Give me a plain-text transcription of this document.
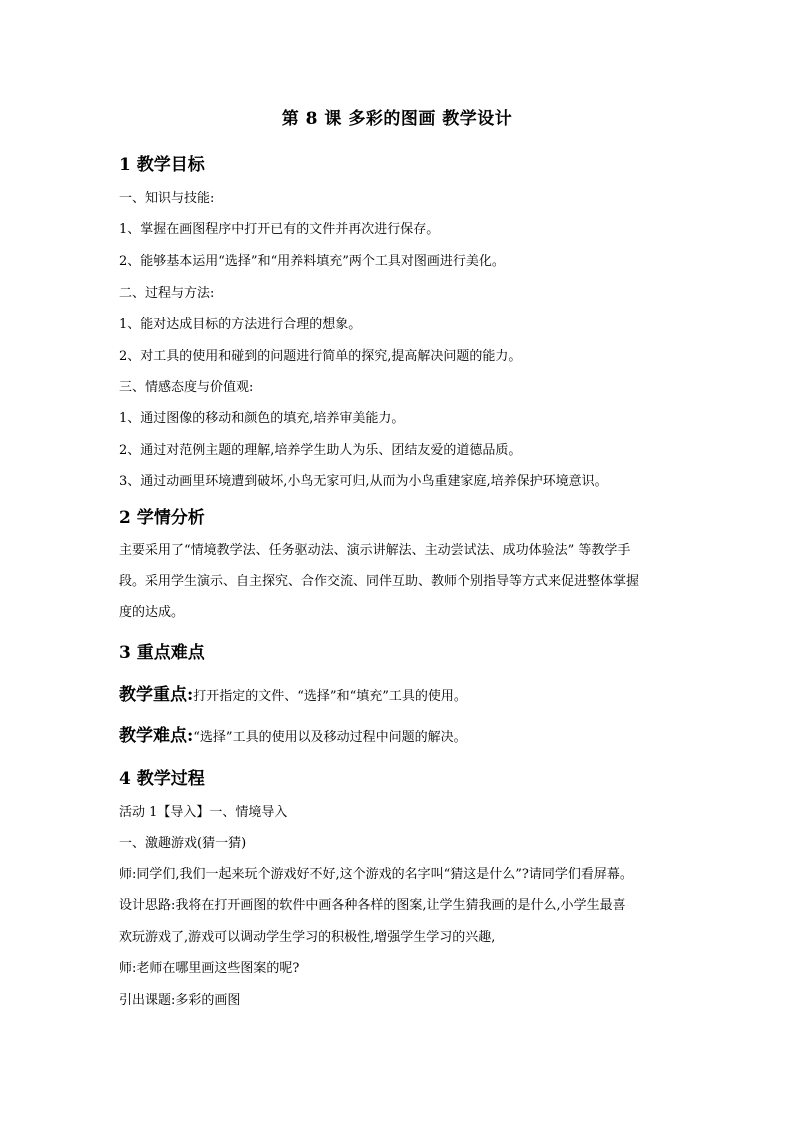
第 8 课 多彩的图画 教学设计
1 教学目标
一、知识与技能:
1、掌握在画图程序中打开已有的文件并再次进行保存。
2、能够基本运用“选择”和“用养料填充”两个工具对图画进行美化。
二、过程与方法:
1、能对达成目标的方法进行合理的想象。
2、对工具的使用和碰到的问题进行简单的探究,提高解决问题的能力。
三、情感态度与价值观:
1、通过图像的移动和颜色的填充,培养审美能力。
2、通过对范例主题的理解,培养学生助人为乐、团结友爱的道德品质。
3、通过动画里环境遭到破坏,小鸟无家可归,从而为小鸟重建家庭,培养保护环境意识。
2 学情分析
主要采用了“情境教学法、任务驱动法、演示讲解法、主动尝试法、成功体验法” 等教学手
段。采用学生演示、自主探究、合作交流、同伴互助、教师个别指导等方式来促进整体掌握
度的达成。
3 重点难点
教学重点:打开指定的文件、“选择”和“填充”工具的使用。
教学难点:“选择”工具的使用以及移动过程中问题的解决。
4 教学过程
活动 1【导入】一、情境导入
一、激趣游戏(猜一猜)
师:同学们,我们一起来玩个游戏好不好,这个游戏的名字叫“猜这是什么”?请同学们看屏幕。
设计思路:我将在打开画图的软件中画各种各样的图案,让学生猜我画的是什么,小学生最喜
欢玩游戏了,游戏可以调动学生学习的积极性,增强学生学习的兴趣,
师:老师在哪里画这些图案的呢?
引出课题:多彩的画图
